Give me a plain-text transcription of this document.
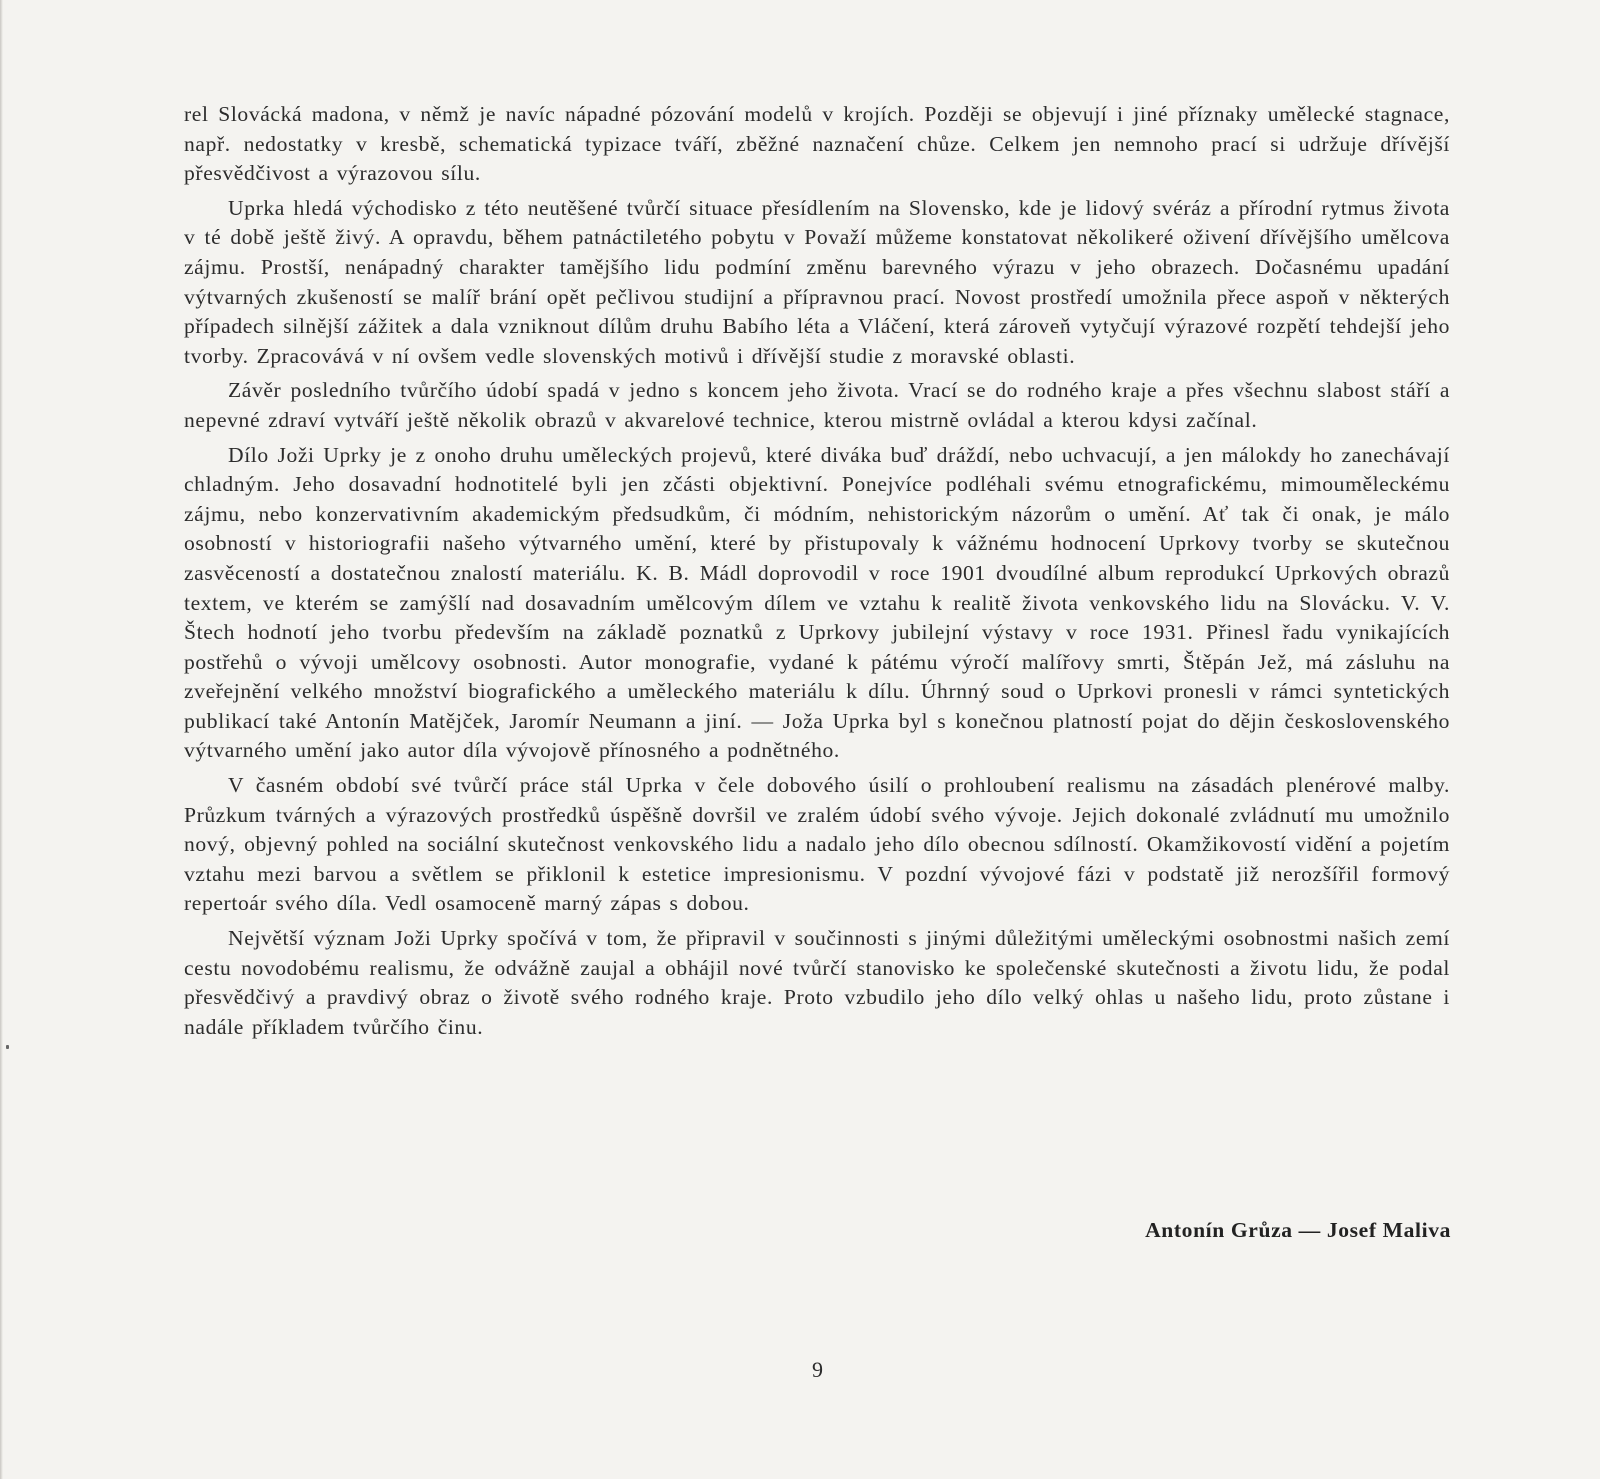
rel Slovácká madona, v němž je navíc nápadné pózování modelů v krojích. Později se objevují i jiné příznaky umělecké stagnace, např. nedostatky v kresbě, schematická typizace tváří, zběžné naznačení chůze. Celkem jen nemnoho prací si udržuje dřívější přesvědčivost a výrazovou sílu.

Uprka hledá východisko z této neutěšené tvůrčí situace přesídlením na Slovensko, kde je lidový svéráz a přírodní rytmus života v té době ještě živý. A opravdu, během patnáctiletého pobytu v Považí můžeme konstatovat několikeré oživení dřívějšího umělcova zájmu. Prostší, nenápadný charakter tamějšího lidu podmíní změnu barevného výrazu v jeho obrazech. Dočasnému upadání výtvarných zkušeností se malíř brání opět pečlivou studijní a přípravnou prací. Novost prostředí umožnila přece aspoň v některých případech silnější zážitek a dala vzniknout dílům druhu Babího léta a Vláčení, která zároveň vytyčují výrazové rozpětí tehdejší jeho tvorby. Zpracovává v ní ovšem vedle slovenských motivů i dřívější studie z moravské oblasti.

Závěr posledního tvůrčího údobí spadá v jedno s koncem jeho života. Vrací se do rodného kraje a přes všechnu slabost stáří a nepevné zdraví vytváří ještě několik obrazů v akvarelové technice, kterou mistrně ovládal a kterou kdysi začínal.

Dílo Joži Uprky je z onoho druhu uměleckých projevů, které diváka buď dráždí, nebo uchvacují, a jen málokdy ho zanechávají chladným. Jeho dosavadní hodnotitelé byli jen zčásti objektivní. Ponejvíce podléhali svému etnografickému, mimouměleckému zájmu, nebo konzervativním akademickým předsudkům, či módním, nehistorickým názorům o umění. Ať tak či onak, je málo osobností v historiografii našeho výtvarného umění, které by přistupovaly k vážnému hodnocení Uprkovy tvorby se skutečnou zasvěceností a dostatečnou znalostí materiálu. K. B. Mádl doprovodil v roce 1901 dvoudílné album reprodukcí Uprkových obrazů textem, ve kterém se zamýšlí nad dosavadním umělcovým dílem ve vztahu k realitě života venkovského lidu na Slovácku. V. V. Štech hodnotí jeho tvorbu především na základě poznatků z Uprkovy jubilejní výstavy v roce 1931. Přinesl řadu vynikajících postřehů o vývoji umělcovy osobnosti. Autor monografie, vydané k pátému výročí malířovy smrti, Štěpán Jež, má zásluhu na zveřejnění velkého množství biografického a uměleckého materiálu k dílu. Úhrnný soud o Uprkovi pronesli v rámci syntetických publikací také Antonín Matějček, Jaromír Neumann a jiní. — Joža Uprka byl s konečnou platností pojat do dějin československého výtvarného umění jako autor díla vývojově přínosného a podnětného.

V časném období své tvůrčí práce stál Uprka v čele dobového úsilí o prohloubení realismu na zásadách plenérové malby. Průzkum tvárných a výrazových prostředků úspěšně dovršil ve zralém údobí svého vývoje. Jejich dokonalé zvládnutí mu umožnilo nový, objevný pohled na sociální skutečnost venkovského lidu a nadalo jeho dílo obecnou sdílností. Okamžikovostí vidění a pojetím vztahu mezi barvou a světlem se přiklonil k estetice impresionismu. V pozdní vývojové fázi v podstatě již nerozšířil formový repertoár svého díla. Vedl osamoceně marný zápas s dobou.

Největší význam Joži Uprky spočívá v tom, že připravil v součinnosti s jinými důležitými uměleckými osobnostmi našich zemí cestu novodobému realismu, že odvážně zaujal a obhájil nové tvůrčí stanovisko ke společenské skutečnosti a životu lidu, že podal přesvědčivý a pravdivý obraz o životě svého rodného kraje. Proto vzbudilo jeho dílo velký ohlas u našeho lidu, proto zůstane i nadále příkladem tvůrčího činu.

Antonín Grůza — Josef Maliva
9
